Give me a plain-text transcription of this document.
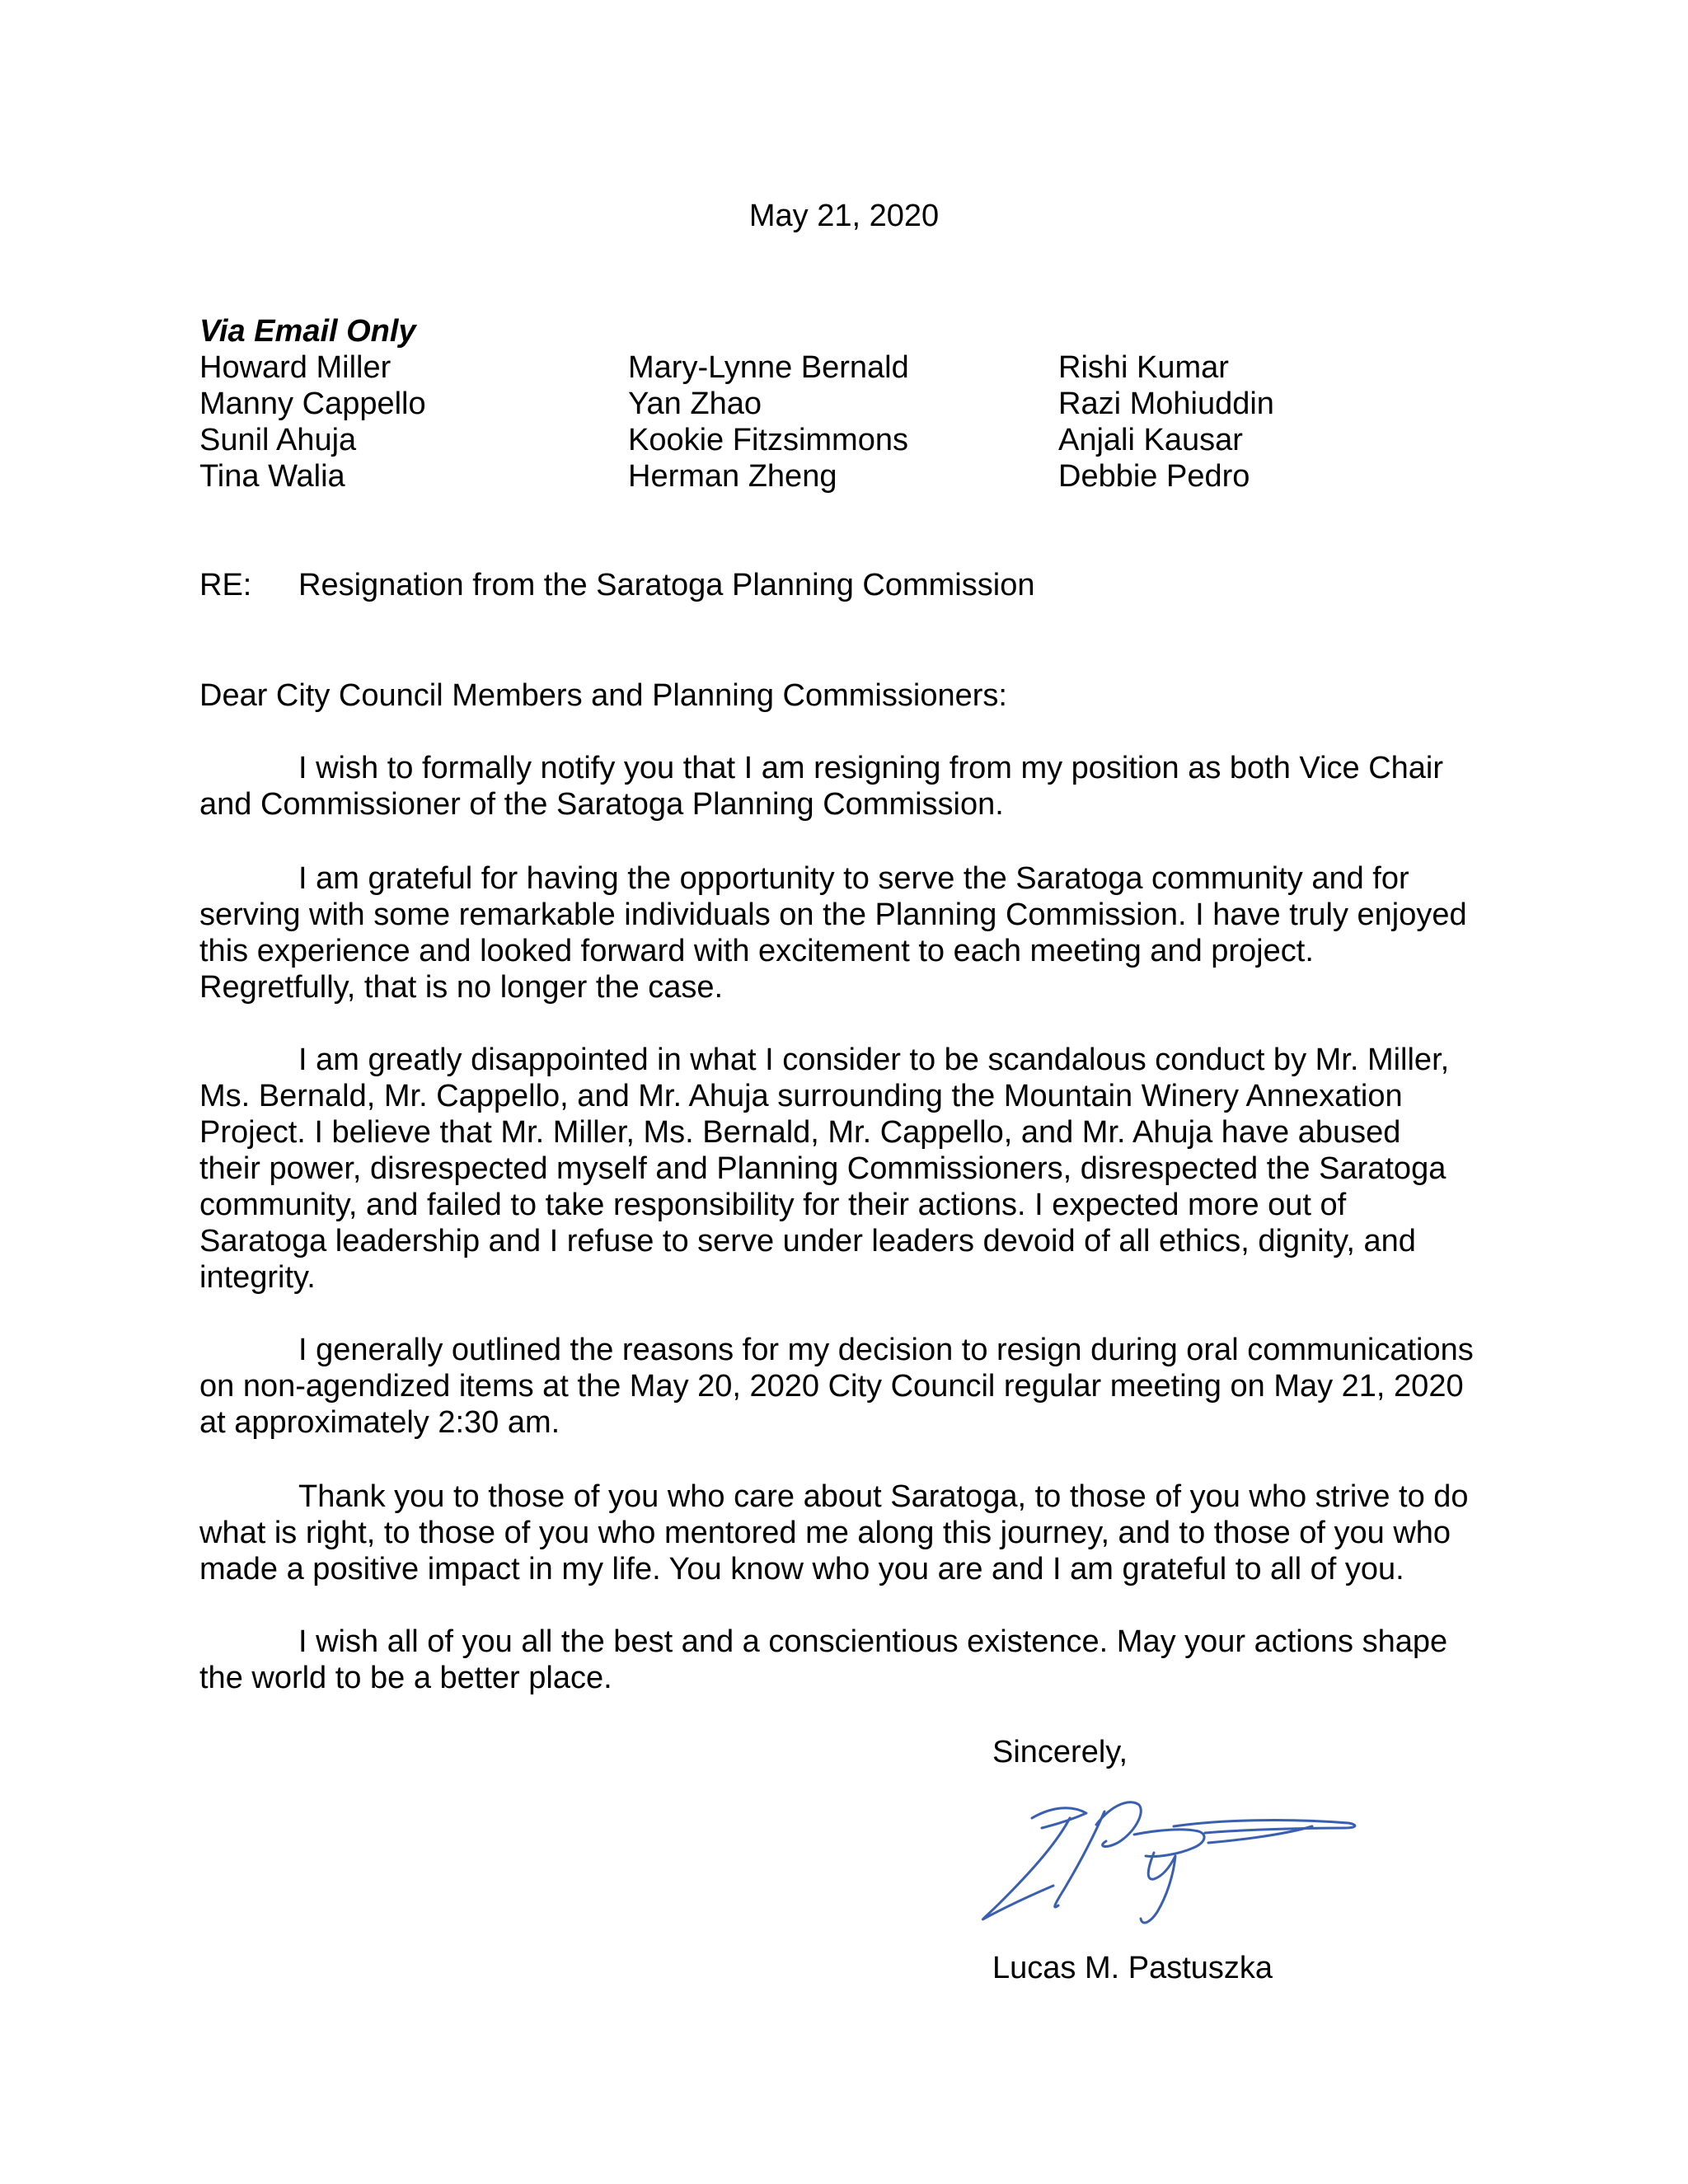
May 21, 2020
Via Email Only
Howard Miller
Manny Cappello
Sunil Ahuja
Tina Walia
Mary-Lynne Bernald
Yan Zhao
Kookie Fitzsimmons
Herman Zheng
Rishi Kumar
Razi Mohiuddin
Anjali Kausar
Debbie Pedro
RE: Resignation from the Saratoga Planning Commission
Dear City Council Members and Planning Commissioners:

I wish to formally notify you that I am resigning from my position as both Vice Chair
and Commissioner of the Saratoga Planning Commission.

I am grateful for having the opportunity to serve the Saratoga community and for
serving with some remarkable individuals on the Planning Commission. I have truly enjoyed
this experience and looked forward with excitement to each meeting and project.
Regretfully, that is no longer the case.

I am greatly disappointed in what I consider to be scandalous conduct by Mr. Miller,
Ms. Bernald, Mr. Cappello, and Mr. Ahuja surrounding the Mountain Winery Annexation
Project. I believe that Mr. Miller, Ms. Bernald, Mr. Cappello, and Mr. Ahuja have abused
their power, disrespected myself and Planning Commissioners, disrespected the Saratoga
community, and failed to take responsibility for their actions. I expected more out of
Saratoga leadership and I refuse to serve under leaders devoid of all ethics, dignity, and
integrity.

I generally outlined the reasons for my decision to resign during oral communications
on non-agendized items at the May 20, 2020 City Council regular meeting on May 21, 2020
at approximately 2:30 am.

Thank you to those of you who care about Saratoga, to those of you who strive to do
what is right, to those of you who mentored me along this journey, and to those of you who
made a positive impact in my life. You know who you are and I am grateful to all of you.

I wish all of you all the best and a conscientious existence. May your actions shape
the world to be a better place.

Sincerely,
Lucas M. Pastuszka
